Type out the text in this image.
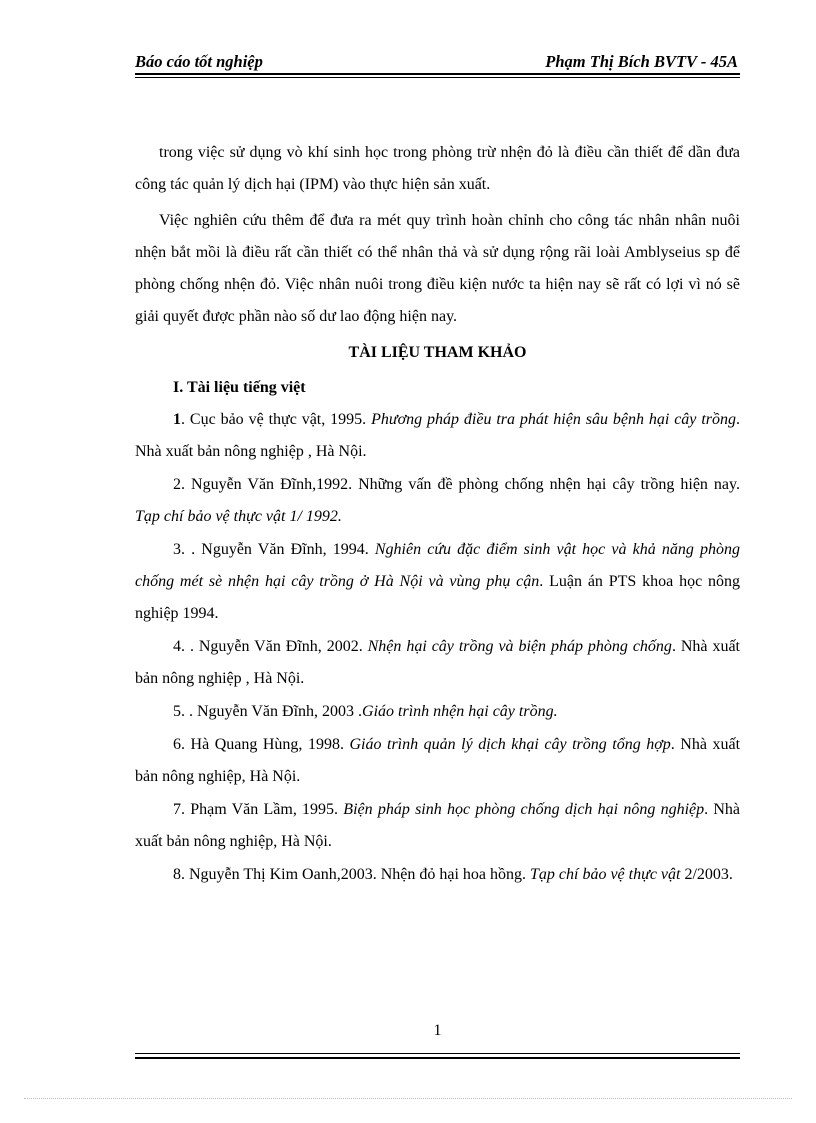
Báo cáo tốt nghiệp	Phạm Thị Bích BVTV - 45A

trong việc sử dụng vò khí sinh học trong phòng trừ nhện đỏ là điều cần thiết để dần đưa công tác quản lý dịch hại (IPM) vào thực hiện sản xuất.

Việc nghiên cứu thêm để đưa ra mét quy trình hoàn chỉnh cho công tác nhân nhân nuôi nhện bắt mồi là điều rất cần thiết có thể nhân thả và sử dụng rộng rãi loài Amblyseius sp để phòng chống nhện đỏ. Việc nhân nuôi trong điều kiện nước ta hiện nay sẽ rất có lợi vì nó sẽ giải quyết được phần nào số dư lao động hiện nay.

TÀI LIỆU THAM KHẢO

I. Tài liệu tiếng việt

1. Cục bảo vệ thực vật, 1995. Phương pháp điều tra phát hiện sâu bệnh hại cây trồng. Nhà xuất bản nông nghiệp , Hà Nội.

2. Nguyễn Văn Đĩnh,1992. Những vấn đề phòng chống nhện hại cây trồng hiện nay. Tạp chí bảo vệ thực vật 1/ 1992.

3. . Nguyễn Văn Đĩnh, 1994. Nghiên cứu đặc điểm sinh vật học và khả năng phòng chống mét sè nhện hại cây trồng ở Hà Nội và vùng phụ cận. Luận án PTS khoa học nông nghiệp 1994.

4. . Nguyễn Văn Đĩnh, 2002. Nhện hại cây trồng và biện pháp phòng chống. Nhà xuất bản nông nghiệp , Hà Nội.

5. . Nguyễn Văn Đĩnh, 2003 .Giáo trình nhện hại cây trồng.

6. Hà Quang Hùng, 1998. Giáo trình quản lý dịch khại cây trồng tổng hợp. Nhà xuất bản nông nghiệp, Hà Nội.

7. Phạm Văn Lầm, 1995. Biện pháp sinh học phòng chống dịch hại nông nghiệp. Nhà xuất bản nông nghiệp, Hà Nội.

8. Nguyễn Thị Kim Oanh,2003. Nhện đỏ hại hoa hồng. Tạp chí bảo vệ thực vật 2/2003.

1
